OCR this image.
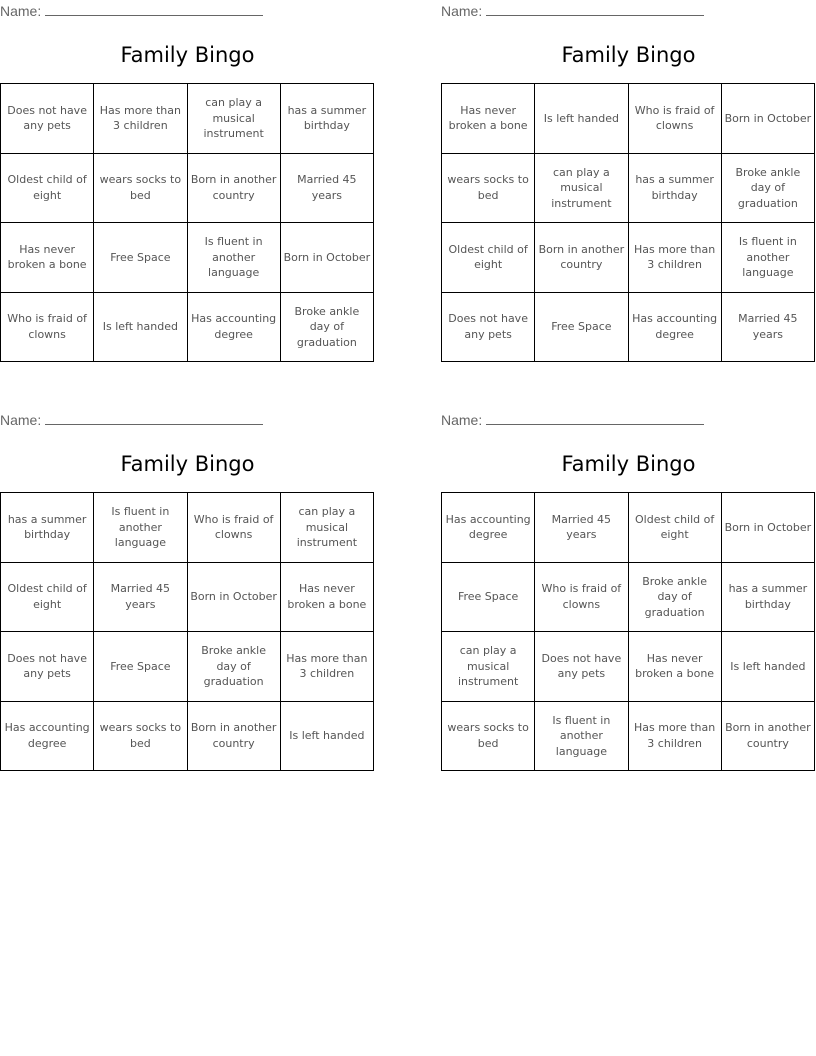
Name:
Family Bingo
Does not have any pets
Has more than 3 children
can play a musical instrument
has a summer birthday
Oldest child of eight
wears socks to bed
Born in another country
Married 45 years
Has never broken a bone
Free Space
Is fluent in another language
Born in October
Who is fraid of clowns
Is left handed
Has accounting degree
Broke ankle day of graduation
Name:
Family Bingo
Has never broken a bone
Is left handed
Who is fraid of clowns
Born in October
wears socks to bed
can play a musical instrument
has a summer birthday
Broke ankle day of graduation
Oldest child of eight
Born in another country
Has more than 3 children
Is fluent in another language
Does not have any pets
Free Space
Has accounting degree
Married 45 years
Name:
Family Bingo
has a summer birthday
Is fluent in another language
Who is fraid of clowns
can play a musical instrument
Oldest child of eight
Married 45 years
Born in October
Has never broken a bone
Does not have any pets
Free Space
Broke ankle day of graduation
Has more than 3 children
Has accounting degree
wears socks to bed
Born in another country
Is left handed
Name:
Family Bingo
Has accounting degree
Married 45 years
Oldest child of eight
Born in October
Free Space
Who is fraid of clowns
Broke ankle day of graduation
has a summer birthday
can play a musical instrument
Does not have any pets
Has never broken a bone
Is left handed
wears socks to bed
Is fluent in another language
Has more than 3 children
Born in another country
